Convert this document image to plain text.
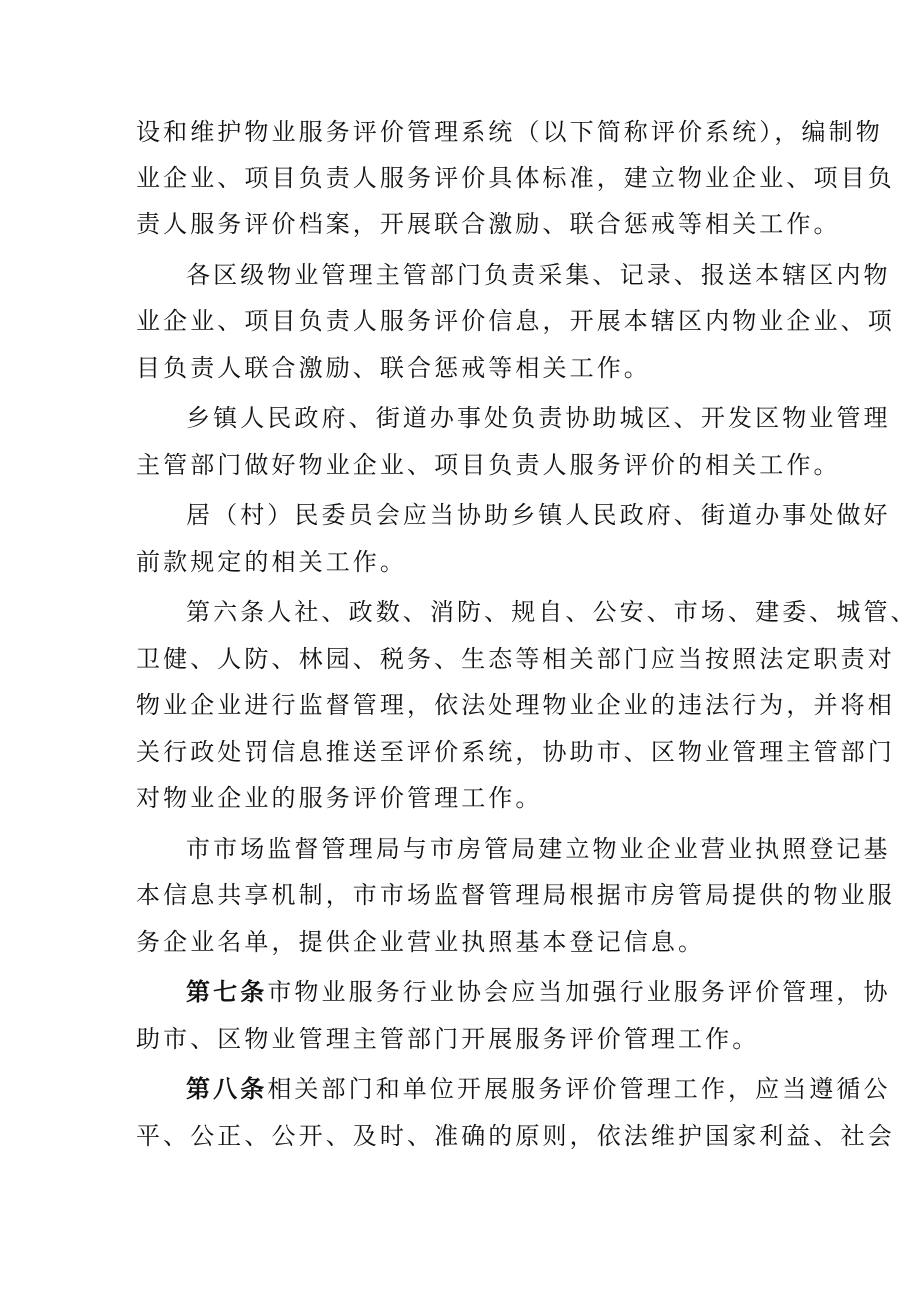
设和维护物业服务评价管理系统（以下简称评价系统），编制物
业企业、项目负责人服务评价具体标准，建立物业企业、项目负
责人服务评价档案，开展联合激励、联合惩戒等相关工作。
各区级物业管理主管部门负责采集、记录、报送本辖区内物
业企业、项目负责人服务评价信息，开展本辖区内物业企业、项
目负责人联合激励、联合惩戒等相关工作。
乡镇人民政府、街道办事处负责协助城区、开发区物业管理
主管部门做好物业企业、项目负责人服务评价的相关工作。
居（村）民委员会应当协助乡镇人民政府、街道办事处做好
前款规定的相关工作。
第六条人社、政数、消防、规自、公安、市场、建委、城管、
卫健、人防、林园、税务、生态等相关部门应当按照法定职责对
物业企业进行监督管理，依法处理物业企业的违法行为，并将相
关行政处罚信息推送至评价系统，协助市、区物业管理主管部门
对物业企业的服务评价管理工作。
市市场监督管理局与市房管局建立物业企业营业执照登记基
本信息共享机制，市市场监督管理局根据市房管局提供的物业服
务企业名单，提供企业营业执照基本登记信息。
第七条市物业服务行业协会应当加强行业服务评价管理，协
助市、区物业管理主管部门开展服务评价管理工作。
第八条相关部门和单位开展服务评价管理工作，应当遵循公
平、公正、公开、及时、准确的原则，依法维护国家利益、社会
